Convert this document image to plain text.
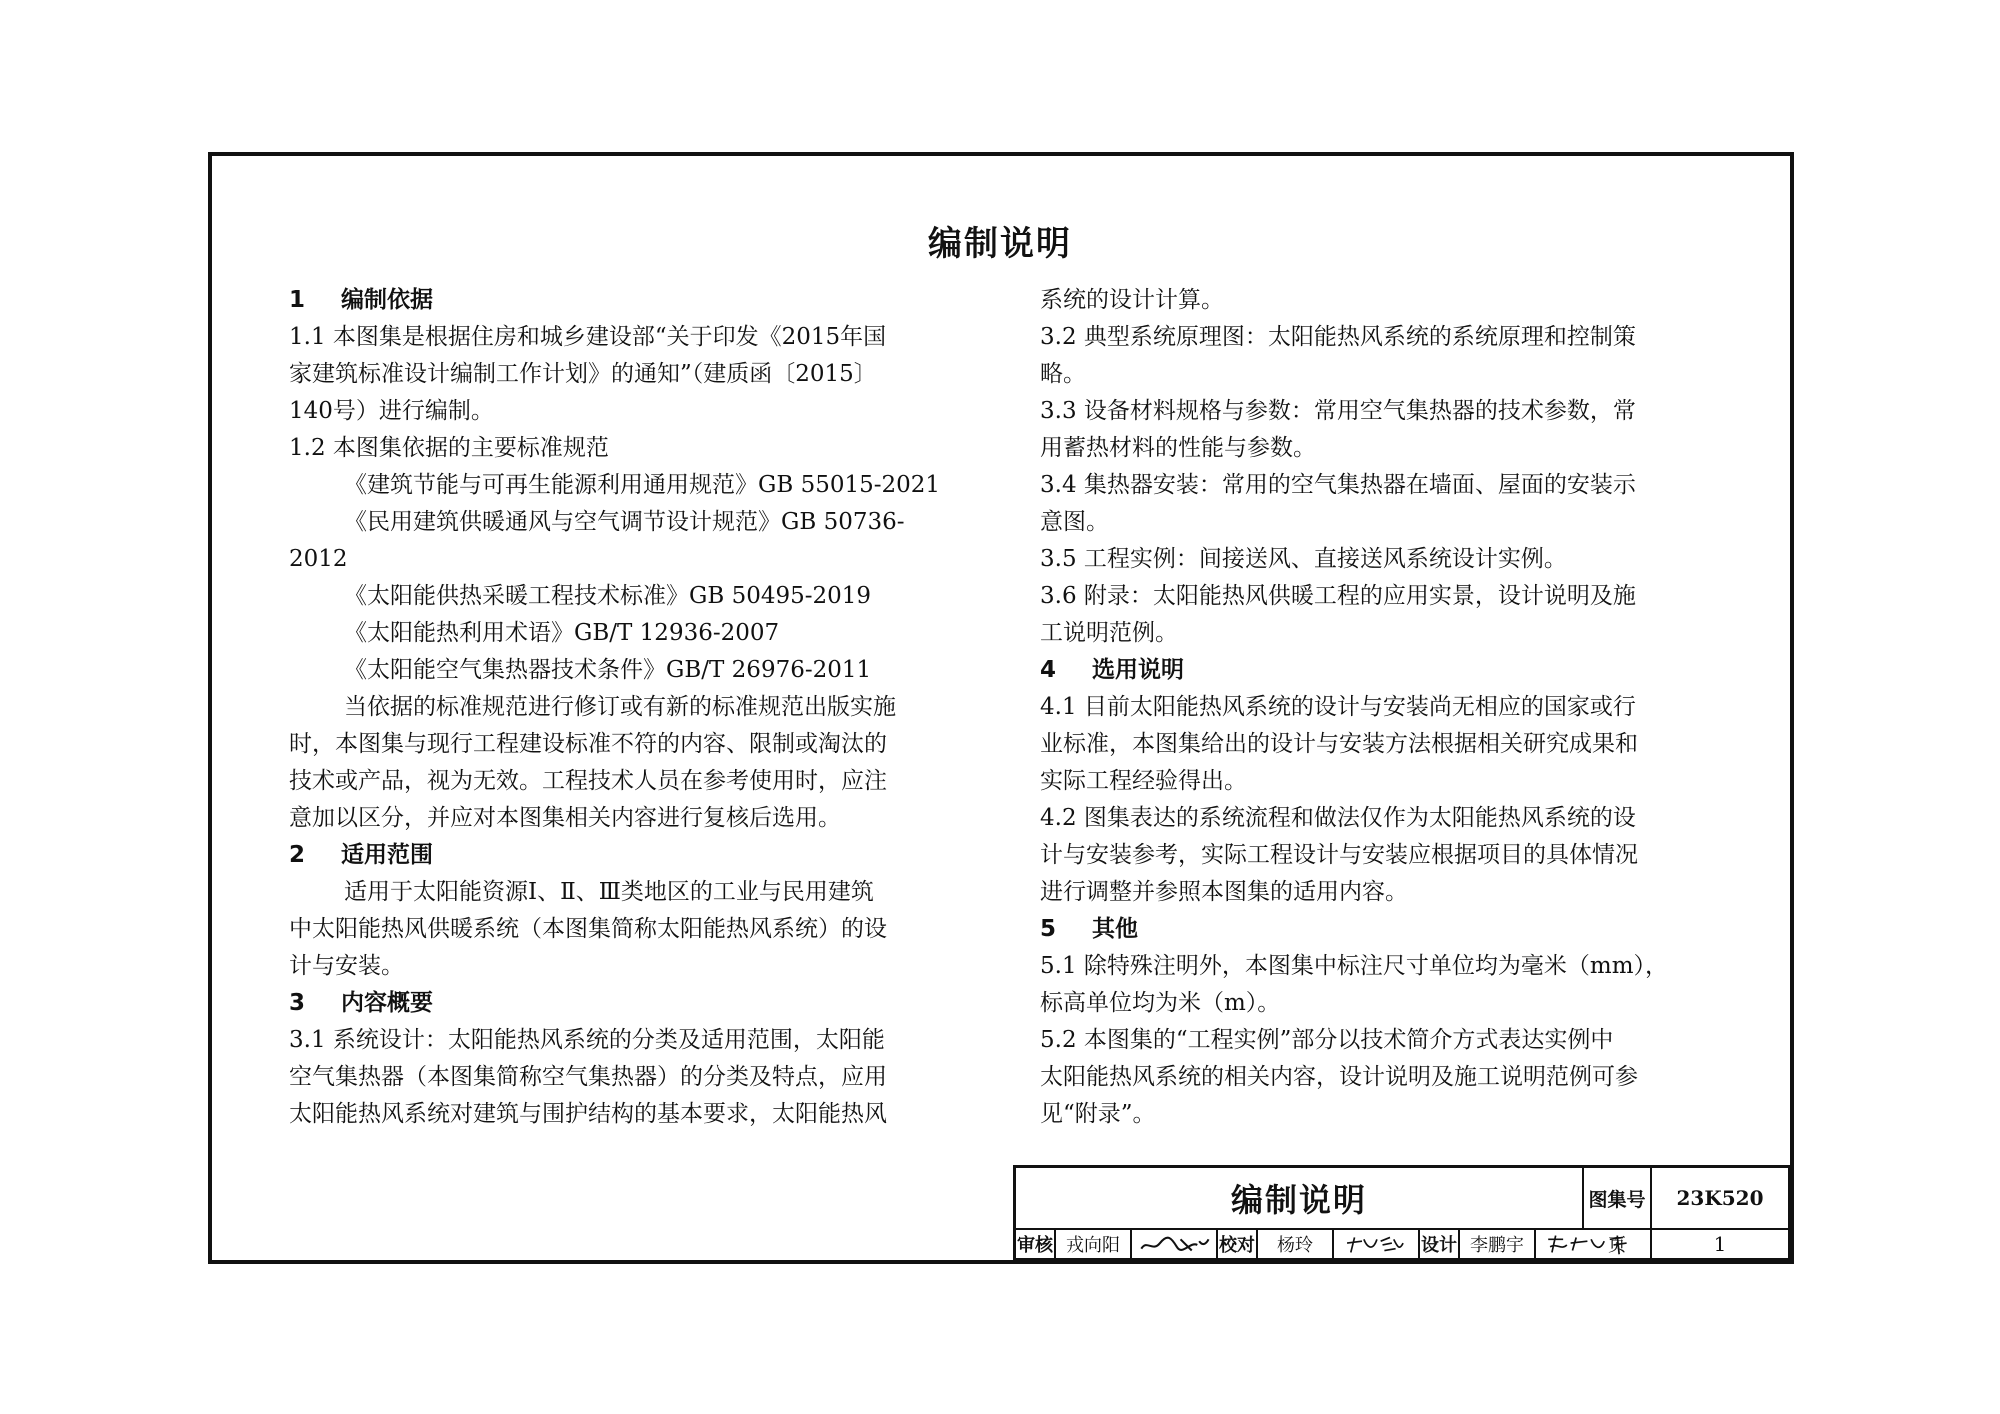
编制说明
1 编制依据
1.1 本图集是根据住房和城乡建设部“关于印发《2015年国
家建筑标准设计编制工作计划》的通知”（建质函〔2015〕
140号）进行编制。
1.2 本图集依据的主要标准规范
《建筑节能与可再生能源利用通用规范》GB 55015-2021
《民用建筑供暖通风与空气调节设计规范》GB 50736-
2012
《太阳能供热采暖工程技术标准》GB 50495-2019
《太阳能热利用术语》GB/T 12936-2007
《太阳能空气集热器技术条件》GB/T 26976-2011
当依据的标准规范进行修订或有新的标准规范出版实施
时，本图集与现行工程建设标准不符的内容、限制或淘汰的
技术或产品，视为无效。工程技术人员在参考使用时，应注
意加以区分，并应对本图集相关内容进行复核后选用。
2 适用范围
适用于太阳能资源Ⅰ、Ⅱ、Ⅲ类地区的工业与民用建筑
中太阳能热风供暖系统（本图集简称太阳能热风系统）的设
计与安装。
3 内容概要
3.1 系统设计：太阳能热风系统的分类及适用范围，太阳能
空气集热器（本图集简称空气集热器）的分类及特点，应用
太阳能热风系统对建筑与围护结构的基本要求，太阳能热风
系统的设计计算。
3.2 典型系统原理图：太阳能热风系统的系统原理和控制策
略。
3.3 设备材料规格与参数：常用空气集热器的技术参数，常
用蓄热材料的性能与参数。
3.4 集热器安装：常用的空气集热器在墙面、屋面的安装示
意图。
3.5 工程实例：间接送风、直接送风系统设计实例。
3.6 附录：太阳能热风供暖工程的应用实景，设计说明及施
工说明范例。
4 选用说明
4.1 目前太阳能热风系统的设计与安装尚无相应的国家或行
业标准，本图集给出的设计与安装方法根据相关研究成果和
实际工程经验得出。
4.2 图集表达的系统流程和做法仅作为太阳能热风系统的设
计与安装参考，实际工程设计与安装应根据项目的具体情况
进行调整并参照本图集的适用内容。
5 其他
5.1 除特殊注明外，本图集中标注尺寸单位均为毫米（mm），
标高单位均为米（m）。
5.2 本图集的“工程实例”部分以技术简介方式表达实例中
太阳能热风系统的相关内容，设计说明及施工说明范例可参
见“附录”。
编制说明	图集号	23K520
审核 戎向阳	校对	杨玲	设计 李鹏宇	页	1
